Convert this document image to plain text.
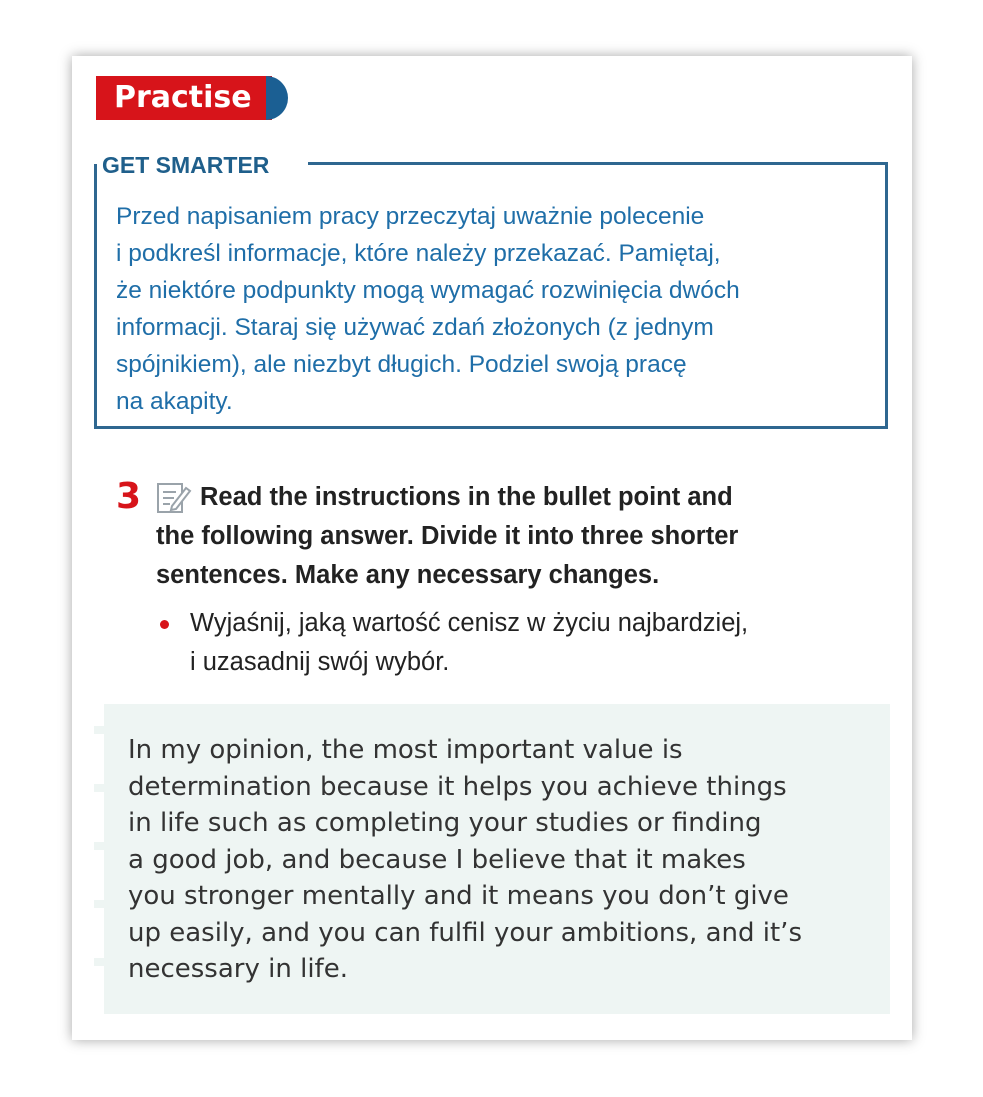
Practise
GET SMARTER
Przed napisaniem pracy przeczytaj uważnie polecenie
i podkreśl informacje, które należy przekazać. Pamiętaj,
że niektóre podpunkty mogą wymagać rozwinięcia dwóch
informacji. Staraj się używać zdań złożonych (z jednym
spójnikiem), ale niezbyt długich. Podziel swoją pracę
na akapity.
3	Read the instructions in the bullet point and
the following answer. Divide it into three shorter
sentences. Make any necessary changes.
Wyjaśnij, jaką wartość cenisz w życiu najbardziej,
i uzasadnij swój wybór.
In my opinion, the most important value is
determination because it helps you achieve things
in life such as completing your studies or finding
a good job, and because I believe that it makes
you stronger mentally and it means you don’t give
up easily, and you can fulfil your ambitions, and it’s
necessary in life.
